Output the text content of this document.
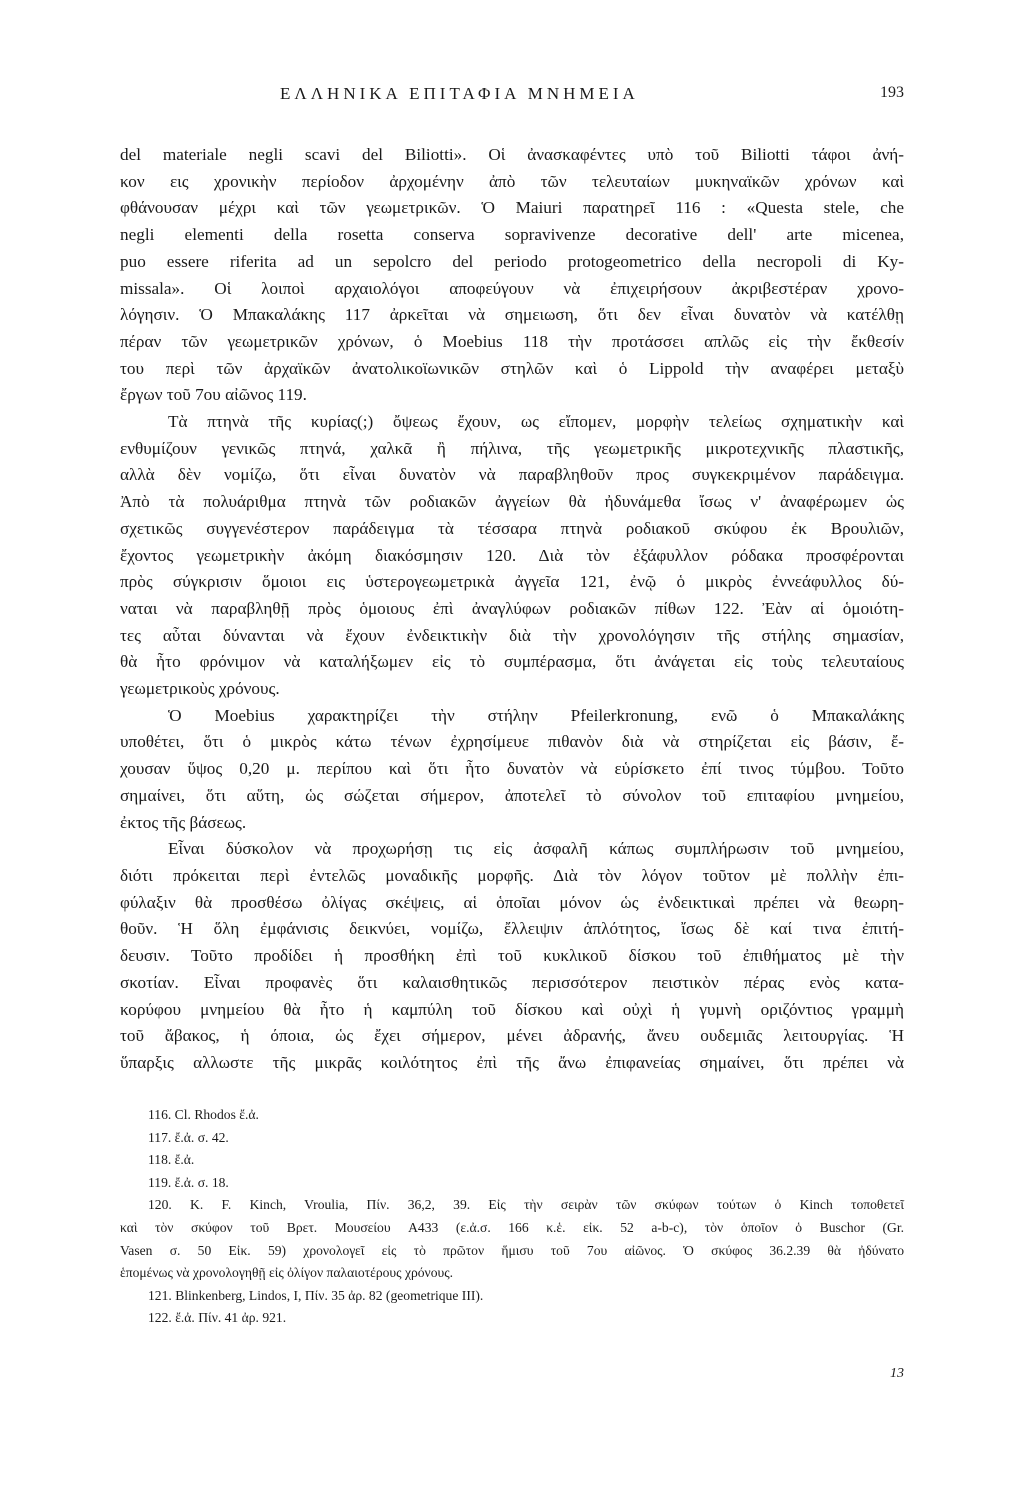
ΕΛΛΗΝΙΚΑ ΕΠΙΤΑΦΙΑ ΜΝΗΜΕΙΑ	193
del materiale negli scavi del Biliotti». Οἱ ἀνασκαφέντες υπὸ τοῦ Biliotti τάφοι ἀνή-
κον εις χρονικὴν περίοδον ἀρχομένην ἀπὸ τῶν τελευταίων μυκηναϊκῶν χρόνων καὶ
φθάνουσαν μέχρι καὶ τῶν γεωμετρικῶν. Ὁ Maiuri παρατηρεῖ 116 : «Questa stele, che
negli elementi della rosetta conserva sopravivenze decorative dell' arte micenea,
puo essere riferita ad un sepolcro del periodo protogeometrico della necropoli di Ky-
missala». Οἱ λοιποὶ αρχαιολόγοι αποφεύγουν νὰ ἐπιχειρήσουν ἀκριβεστέραν χρονο-
λόγησιν. Ὁ Μπακαλάκης 117 ἀρκεῖται νὰ σημειωση, ὅτι δεν εἶναι δυνατὸν νὰ κατέλθῃ
πέραν τῶν γεωμετρικῶν χρόνων, ὁ Moebius 118 τὴν προτάσσει απλῶς εἰς τὴν ἔκθεσίν
του περὶ τῶν ἀρχαϊκῶν ἀνατολικοϊωνικῶν στηλῶν καὶ ὁ Lippold τὴν αναφέρει μεταξὺ
ἔργων τοῦ 7ου αἰῶνος 119.
Τὰ πτηνὰ τῆς κυρίας(;) ὄψεως ἔχουν, ως εἴπομεν, μορφὴν τελείως σχηματικὴν καὶ
ενθυμίζουν γενικῶς πτηνά, χαλκᾶ ἢ πήλινα, τῆς γεωμετρικῆς μικροτεχνικῆς πλαστικῆς,
αλλὰ δὲν νομίζω, ὅτι εἶναι δυνατὸν νὰ παραβληθοῦν προς συγκεκριμένον παράδειγμα.
Ἀπὸ τὰ πολυάριθμα πτηνὰ τῶν ροδιακῶν ἀγγείων θὰ ἠδυνάμεθα ἴσως ν' ἀναφέρωμεν ὡς
σχετικῶς συγγενέστερον παράδειγμα τὰ τέσσαρα πτηνὰ ροδιακοῦ σκύφου ἐκ Βρουλιῶν,
ἔχοντος γεωμετρικὴν ἀκόμη διακόσμησιν 120. Διὰ τὸν ἐξάφυλλον ρόδακα προσφέρονται
πρὸς σύγκρισιν ὅμοιοι εις ὑστερογεωμετρικὰ ἀγγεῖα 121, ἐνῷ ὁ μικρὸς ἐννεάφυλλος δύ-
ναται νὰ παραβληθῇ πρὸς ὁμοιους ἐπὶ ἀναγλύφων ροδιακῶν πίθων 122. Ἐὰν αἱ ὁμοιότη-
τες αὗται δύνανται νὰ ἔχουν ἐνδεικτικὴν διὰ τὴν χρονολόγησιν τῆς στήλης σημασίαν,
θὰ ἦτο φρόνιμον νὰ καταλήξωμεν εἰς τὸ συμπέρασμα, ὅτι ἀνάγεται εἰς τοὺς τελευταίους
γεωμετρικοὺς χρόνους.
Ὁ Moebius χαρακτηρίζει τὴν στήλην Pfeilerkronung, ενῶ ὁ Μπακαλάκης
υποθέτει, ὅτι ὁ μικρὸς κάτω τένων ἐχρησίμευε πιθανὸν διὰ νὰ στηρίζεται εἰς βάσιν, ἔ-
χουσαν ὕψος 0,20 μ. περίπου καὶ ὅτι ἦτο δυνατὸν νὰ εὑρίσκετο ἐπί τινος τύμβου. Τοῦτο
σημαίνει, ὅτι αὕτη, ὡς σώζεται σήμερον, ἀποτελεῖ τὸ σύνολον τοῦ επιταφίου μνημείου,
ἐκτος τῆς βάσεως.
Εἶναι δύσκολον νὰ προχωρήσῃ τις εἰς ἀσφαλῆ κάπως συμπλήρωσιν τοῦ μνημείου,
διότι πρόκειται περὶ ἐντελῶς μοναδικῆς μορφῆς. Διὰ τὸν λόγον τοῦτον μὲ πολλὴν ἐπι-
φύλαξιν θὰ προσθέσω ὀλίγας σκέψεις, αἱ ὁποῖαι μόνον ὡς ἐνδεικτικαὶ πρέπει νὰ θεωρη-
θοῦν. Ἡ ὅλη ἐμφάνισις δεικνύει, νομίζω, ἔλλειψιν ἁπλότητος, ἴσως δὲ καί τινα ἐπιτή-
δευσιν. Τοῦτο προδίδει ἡ προσθήκη ἐπὶ τοῦ κυκλικοῦ δίσκου τοῦ ἐπιθήματος μὲ τὴν
σκοτίαν. Εἶναι προφανὲς ὅτι καλαισθητικῶς περισσότερον πειστικὸν πέρας ενὸς κατα-
κορύφου μνημείου θὰ ἦτο ἡ καμπύλη τοῦ δίσκου καὶ οὐχὶ ἡ γυμνὴ οριζόντιος γραμμὴ
τοῦ ἄβακος, ἡ όποια, ὡς ἔχει σήμερον, μένει ἀδρανής, ἄνευ ουδεμιᾶς λειτουργίας. Ἡ
ὕπαρξις αλλωστε τῆς μικρᾶς κοιλότητος ἐπὶ τῆς ἄνω ἐπιφανείας σημαίνει, ὅτι πρέπει νὰ
116. Cl. Rhodos ἔ.ἀ.
117. ἔ.ἀ. σ. 42.
118. ἔ.ἀ.
119. ἔ.ἀ. σ. 18.
120. K. F. Kinch, Vroulia, Πίν. 36,2, 39. Εἰς τὴν σειρὰν τῶν σκύφων τούτων ὁ Kinch τοποθετεῖ
καὶ τὸν σκύφον τοῦ Βρετ. Μουσείου A433 (ε.ἀ.σ. 166 κ.ἑ. εἰκ. 52 a-b-c), τὸν ὁποῖον ὁ Buschor (Gr.
Vasen σ. 50 Εἰκ. 59) χρονολογεῖ εἰς τὸ πρῶτον ἥμισυ τοῦ 7ου αἰῶνος. Ὁ σκύφος 36.2.39 θὰ ἠδύνατο
ἑπομένως νὰ χρονολογηθῇ εἰς ὀλίγον παλαιοτέρους χρόνους.
121. Blinkenberg, Lindos, I, Πίν. 35 ἀρ. 82 (geometrique III).
122. ἔ.ἀ. Πίν. 41 ἀρ. 921.
13
